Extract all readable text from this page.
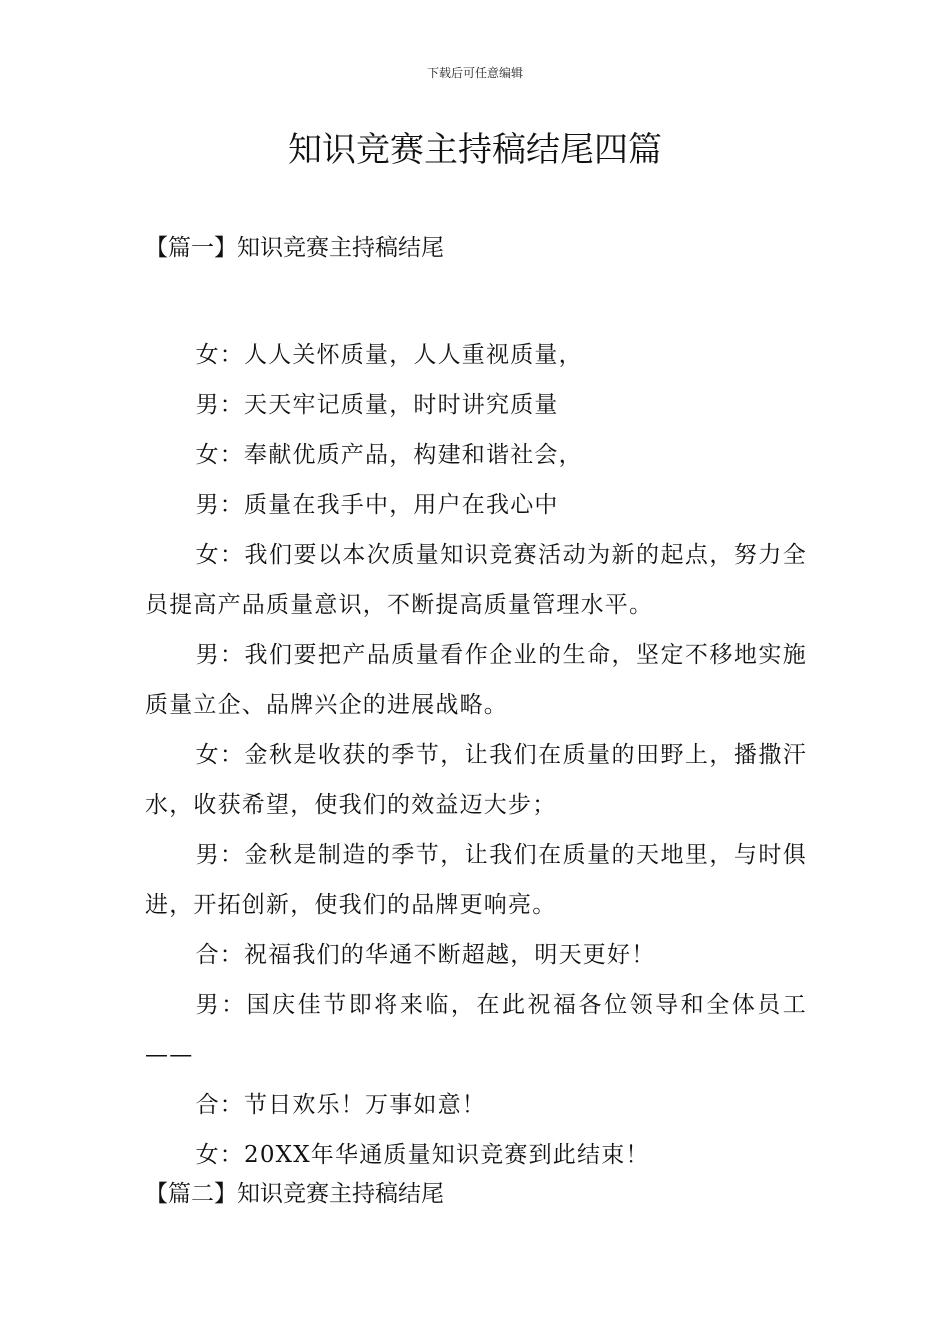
下载后可任意编辑
知识竞赛主持稿结尾四篇
【篇一】知识竞赛主持稿结尾

女：人人关怀质量，人人重视质量，

男：天天牢记质量，时时讲究质量

女：奉献优质产品，构建和谐社会，

男：质量在我手中，用户在我心中

女：我们要以本次质量知识竞赛活动为新的起点，努力全员提高产品质量意识，不断提高质量管理水平。

男：我们要把产品质量看作企业的生命，坚定不移地实施质量立企、品牌兴企的进展战略。

女：金秋是收获的季节，让我们在质量的田野上，播撒汗水，收获希望，使我们的效益迈大步；

男：金秋是制造的季节，让我们在质量的天地里，与时俱进，开拓创新，使我们的品牌更响亮。

合：祝福我们的华通不断超越，明天更好！

男：国庆佳节即将来临，在此祝福各位领导和全体员工——

合：节日欢乐！万事如意！

女：20XX年华通质量知识竞赛到此结束！

【篇二】知识竞赛主持稿结尾
